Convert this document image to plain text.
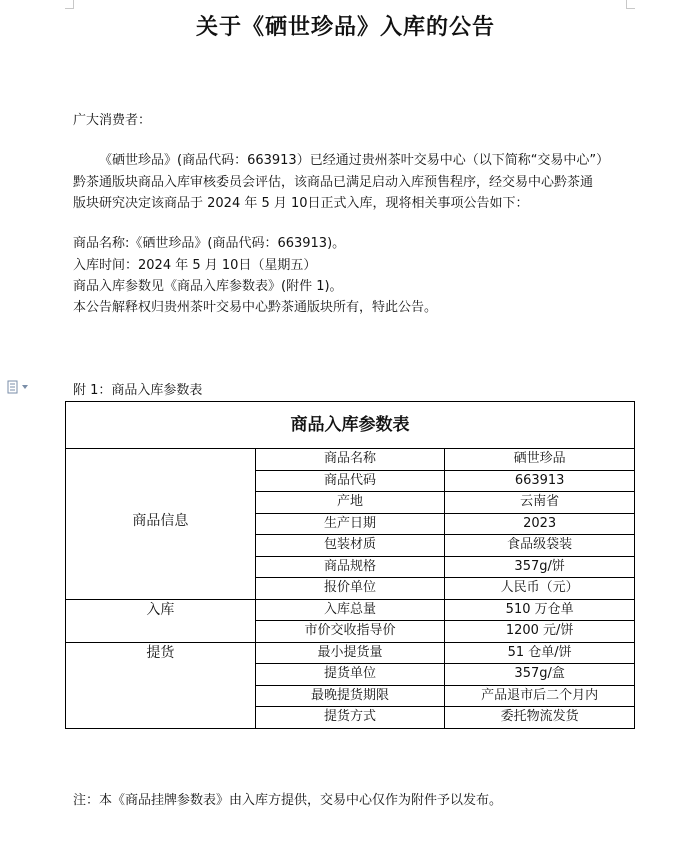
关于《硒世珍品》入库的公告
广大消费者：
《硒世珍品》(商品代码：663913）已经通过贵州茶叶交易中心（以下简称“交易中心”）
黔茶通版块商品入库审核委员会评估，该商品已满足启动入库预售程序，经交易中心黔茶通
版块研究决定该商品于 2024 年 5 月 10日正式入库，现将相关事项公告如下：
商品名称:《硒世珍品》(商品代码：663913)。
入库时间：2024 年 5 月 10日（星期五）
商品入库参数见《商品入库参数表》(附件 1)。
本公告解释权归贵州茶叶交易中心黔茶通版块所有，特此公告。
附 1：商品入库参数表
商品入库参数表		

商品信息	商品名称	硒世珍品
	商品代码	663913
	产地	云南省
	生产日期	2023
	包装材质	食品级袋装
	商品规格	357g/饼
	报价单位	人民币（元）

入库	入库总量	510 万仓单
	市价交收指导价	1200 元/饼

提货	最小提货量	51 仓单/饼
	提货单位	357g/盒
	最晚提货期限	产品退市后二个月内
	提货方式	委托物流发货
注：本《商品挂牌参数表》由入库方提供，交易中心仅作为附件予以发布。
